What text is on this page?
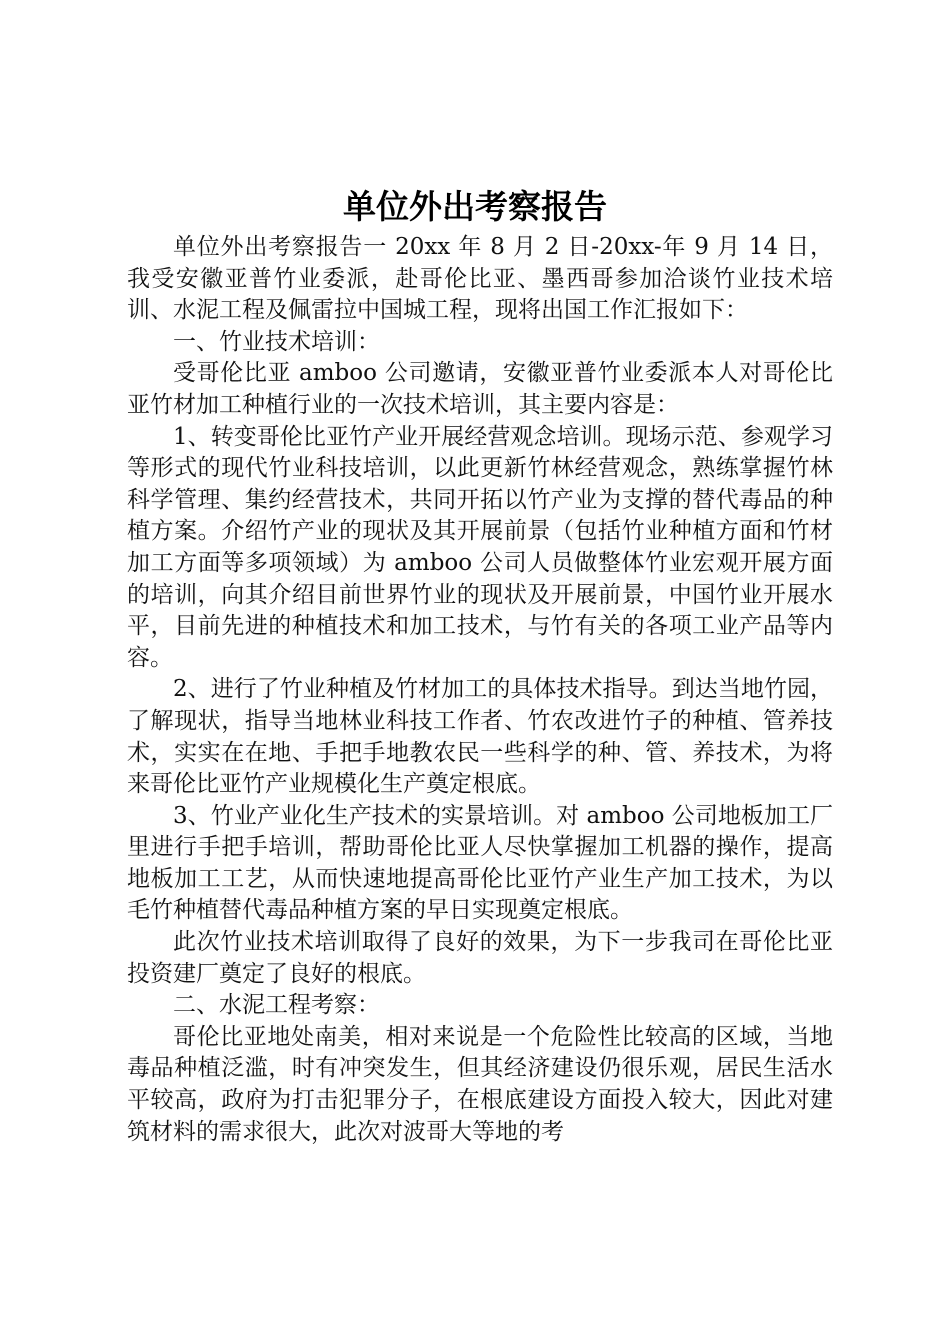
单位外出考察报告

单位外出考察报告一 20xx 年 8 月 2 日-20xx-年 9 月 14 日，我受安徽亚普竹业委派，赴哥伦比亚、墨西哥参加洽谈竹业技术培训、水泥工程及佩雷拉中国城工程，现将出国工作汇报如下：

一、竹业技术培训：

受哥伦比亚 amboo 公司邀请，安徽亚普竹业委派本人对哥伦比亚竹材加工种植行业的一次技术培训，其主要内容是：

1、转变哥伦比亚竹产业开展经营观念培训。现场示范、参观学习等形式的现代竹业科技培训，以此更新竹林经营观念，熟练掌握竹林科学管理、集约经营技术，共同开拓以竹产业为支撑的替代毒品的种植方案。介绍竹产业的现状及其开展前景（包括竹业种植方面和竹材加工方面等多项领域）为 amboo 公司人员做整体竹业宏观开展方面的培训，向其介绍目前世界竹业的现状及开展前景，中国竹业开展水平，目前先进的种植技术和加工技术，与竹有关的各项工业产品等内容。

2、进行了竹业种植及竹材加工的具体技术指导。到达当地竹园，了解现状，指导当地林业科技工作者、竹农改进竹子的种植、管养技术，实实在在地、手把手地教农民一些科学的种、管、养技术，为将来哥伦比亚竹产业规模化生产奠定根底。

3、竹业产业化生产技术的实景培训。对 amboo 公司地板加工厂里进行手把手培训，帮助哥伦比亚人尽快掌握加工机器的操作，提高地板加工工艺，从而快速地提高哥伦比亚竹产业生产加工技术，为以毛竹种植替代毒品种植方案的早日实现奠定根底。

此次竹业技术培训取得了良好的效果，为下一步我司在哥伦比亚投资建厂奠定了良好的根底。

二、水泥工程考察：

哥伦比亚地处南美，相对来说是一个危险性比较高的区域，当地毒品种植泛滥，时有冲突发生，但其经济建设仍很乐观，居民生活水平较高，政府为打击犯罪分子，在根底建设方面投入较大，因此对建筑材料的需求很大，此次对波哥大等地的考
